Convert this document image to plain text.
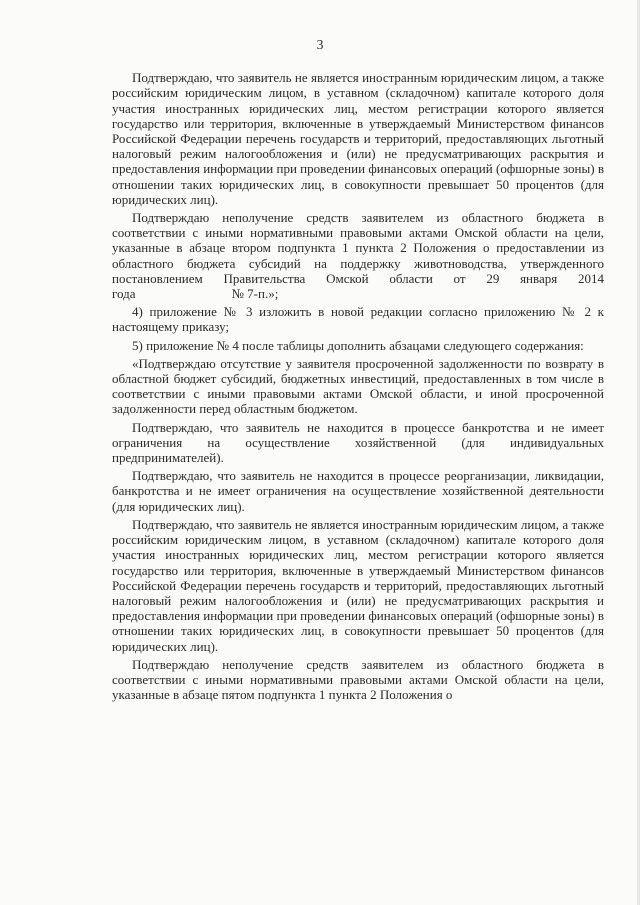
3

Подтверждаю, что заявитель не является иностранным юридическим лицом, а также российским юридическим лицом, в уставном (складочном) капитале которого доля участия иностранных юридических лиц, местом регистрации которого является государство или территория, включенные в утверждаемый Министерством финансов Российской Федерации перечень государств и территорий, предоставляющих льготный налоговый режим налогообложения и (или) не предусматривающих раскрытия и предоставления информации при проведении финансовых операций (офшорные зоны) в отношении таких юридических лиц, в совокупности превышает 50 процентов (для юридических лиц).

Подтверждаю неполучение средств заявителем из областного бюджета в соответствии с иными нормативными правовыми актами Омской области на цели, указанные в абзаце втором подпункта 1 пункта 2 Положения о предоставлении из областного бюджета субсидий на поддержку животноводства, утвержденного постановлением Правительства Омской области от 29 января 2014 года	№ 7-п.»;

4) приложение № 3 изложить в новой редакции согласно приложению № 2 к настоящему приказу;

5) приложение № 4 после таблицы дополнить абзацами следующего содержания:

«Подтверждаю отсутствие у заявителя просроченной задолженности по возврату в областной бюджет субсидий, бюджетных инвестиций, предоставленных в том числе в соответствии с иными правовыми актами Омской области, и иной просроченной задолженности перед областным бюджетом.

Подтверждаю, что заявитель не находится в процессе банкротства и не имеет ограничения на осуществление хозяйственной (для индивидуальных предпринимателей).

Подтверждаю, что заявитель не находится в процессе реорганизации, ликвидации, банкротства и не имеет ограничения на осуществление хозяйственной деятельности (для юридических лиц).

Подтверждаю, что заявитель не является иностранным юридическим лицом, а также российским юридическим лицом, в уставном (складочном) капитале которого доля участия иностранных юридических лиц, местом регистрации которого является государство или территория, включенные в утверждаемый Министерством финансов Российской Федерации перечень государств и территорий, предоставляющих льготный налоговый режим налогообложения и (или) не предусматривающих раскрытия и предоставления информации при проведении финансовых операций (офшорные зоны) в отношении таких юридических лиц, в совокупности превышает 50 процентов (для юридических лиц).

Подтверждаю неполучение средств заявителем из областного бюджета в соответствии с иными нормативными правовыми актами Омской области на цели, указанные в абзаце пятом подпункта 1 пункта 2 Положения о
